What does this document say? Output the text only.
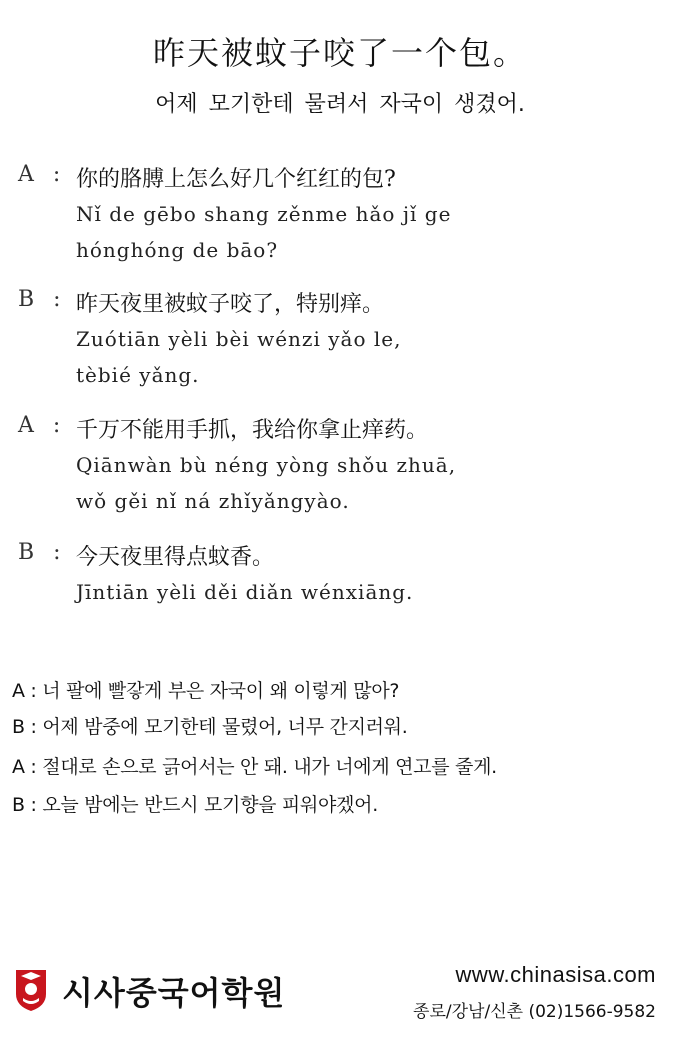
昨天被蚊子咬了一个包。
어제 모기한테 물려서 자국이 생겼어.
A : 你的胳膊上怎么好几个红红的包?
Nǐ de gēbo shang zěnme hǎo jǐ ge
hónghóng de bāo?
B : 昨天夜里被蚊子咬了，特别痒。
Zuótiān yèli bèi wénzi yǎo le,
tèbié yǎng.
A : 千万不能用手抓，我给你拿止痒药。
Qiānwàn bù néng yòng shǒu zhuā,
wǒ gěi nǐ ná zhǐyǎngyào.
B : 今天夜里得点蚊香。
Jīntiān yèli děi diǎn wénxiāng.
A : 너 팔에 빨갛게 부은 자국이 왜 이렇게 많아?
B : 어제 밤중에 모기한테 물렸어, 너무 간지러워.
A : 절대로 손으로 긁어서는 안 돼. 내가 너에게 연고를 줄게.
B : 오늘 밤에는 반드시 모기향을 피워야겠어.
시사중국어학원	www.chinasisa.com
종로/강남/신촌 (02)1566-9582
